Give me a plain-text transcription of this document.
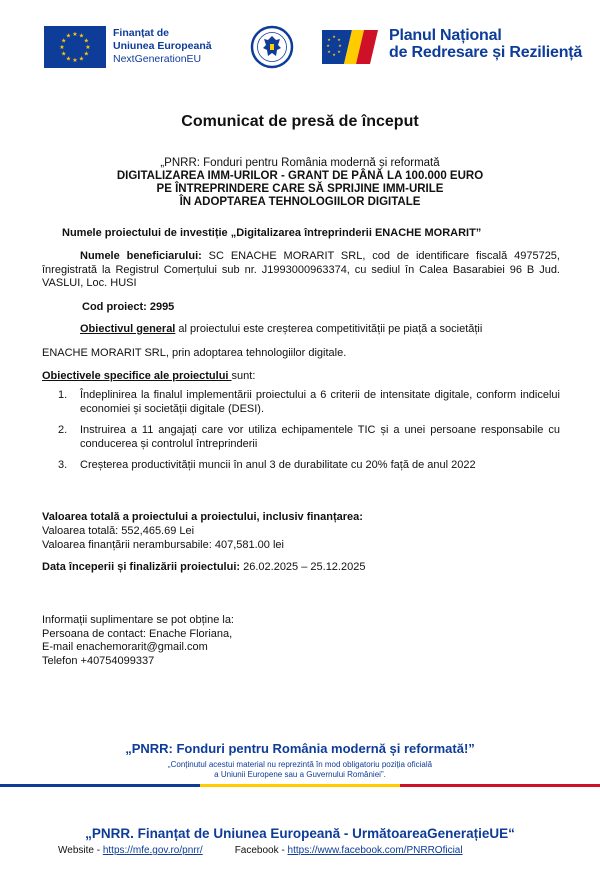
★ ★
★
★
★
★
★
★
★
★
★
★	Finanțat de
Uniunea Europeană
NextGenerationEU
★
★
★
★
★
★
★
★	Planul Național
de Redresare și Reziliență
Comunicat de presă de început
„PNRR: Fonduri pentru România modernă și reformată
DIGITALIZAREA IMM-URILOR - GRANT DE PÂNĂ LA 100.000 EURO
PE ÎNTREPRINDERE CARE SĂ SPRIJINE IMM-URILE
ÎN ADOPTAREA TEHNOLOGIILOR DIGITALE
Numele proiectului de investiție „Digitalizarea întreprinderii ENACHE MORARIT”
Numele beneficiarului: SC ENACHE MORARIT SRL, cod de identificare fiscală 4975725, înregistrată la Registrul Comerțului sub nr. J1993000963374, cu sediul în Calea Basarabiei 96 B Jud. VASLUI, Loc. HUSI
Cod proiect: 2995
Obiectivul general al proiectului este creșterea competitivității pe piață a societății
ENACHE MORARIT SRL, prin adoptarea tehnologiilor digitale.
Obiectivele specifice ale proiectului sunt:
1. Îndeplinirea la finalul implementării proiectului a 6 criterii de intensitate digitale, conform indicelui economiei și societății digitale (DESI).
2. Instruirea a 11 angajați care vor utiliza echipamentele TIC și a unei persoane responsabile cu conducerea și controlul întreprinderii
3. Creșterea productivității muncii în anul 3 de durabilitate cu 20% față de anul 2022
Valoarea totală a proiectului a proiectului, inclusiv finanțarea:
Valoarea totală: 552,465.69 Lei
Valoarea finanțării nerambursabile: 407,581.00 lei
Data începerii și finalizării proiectului: 26.02.2025 – 25.12.2025
Informații suplimentare se pot obține la:
Persoana de contact: Enache Floriana,
E-mail enachemorarit@gmail.com
Telefon +40754099337
„PNRR: Fonduri pentru România modernă și reformată!”
„Conținutul acestui material nu reprezintă în mod obligatoriu poziția oficială
a Uniunii Europene sau a Guvernului României”.
„PNRR. Finanțat de Uniunea Europeană - UrmătoareaGenerațieUE“
Website - https://mfe.gov.ro/pnrr/	Facebook - https://www.facebook.com/PNRROficial
